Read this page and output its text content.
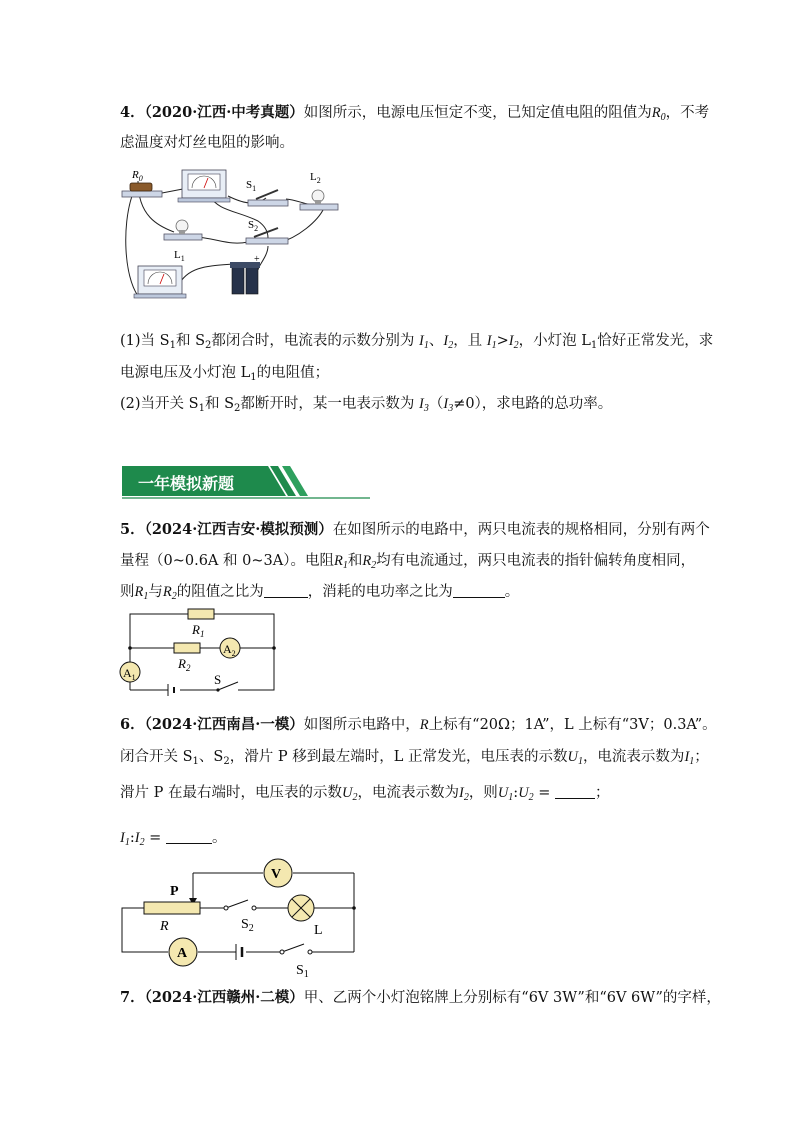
4．（2020·江西·中考真题）如图所示，电源电压恒定不变，已知定值电阻的阻值为$R_0$，不考
虑温度对灯丝电阻的影响。
$R_0$
$S_1$
$L_2$
$S_2$
$L_1$	+
(1)当 $S_1$和 $S_2$都闭合时，电流表的示数分别为 $I_1$、$I_2$，且 $I_1>I_2$，小灯泡 $L_1$恰好正常发光，求
电源电压及小灯泡 $L_1$的电阻值；
(2)当开关 $S_1$和 $S_2$都断开时，某一电表示数为 $I_3(I_3\ne 0)$，求电路的总功率。
一年模拟新题
5．（2024·江西吉安·模拟预测）在如图所示的电路中，两只电流表的规格相同，分别有两个
量程（0~0.6A 和 0~3A）。电阻$R_1$和$R_2$均有电流通过，两只电流表的指针偏转角度相同，
则$R_1$与$R_2$的阻值之比为	，消耗的电功率之比为	。
$R_1$
$R_2$
$A_1$
$A_2$
S
6．（2024·江西南昌·一模）如图所示电路中，R上标有“20Ω；1A”，L 上标有“3V；0.3A”。
闭合开关 $S_1$、$S_2$，滑片 P 移到最左端时，L 正常发光，电压表的示数$U_1$，电流表示数为$I_1$；
滑片 P 在最右端时，电压表的示数$U_2$，电流表示数为$I_2$，则$U_1:U_2$ =	；
$I_1:I_2$ =	。
V
P
R	$S_2$	L
A
$S_1$
7．（2024·江西赣州·二模）甲、乙两个小灯泡铭牌上分别标有“6V 3W”和“6V 6W”的字样，
